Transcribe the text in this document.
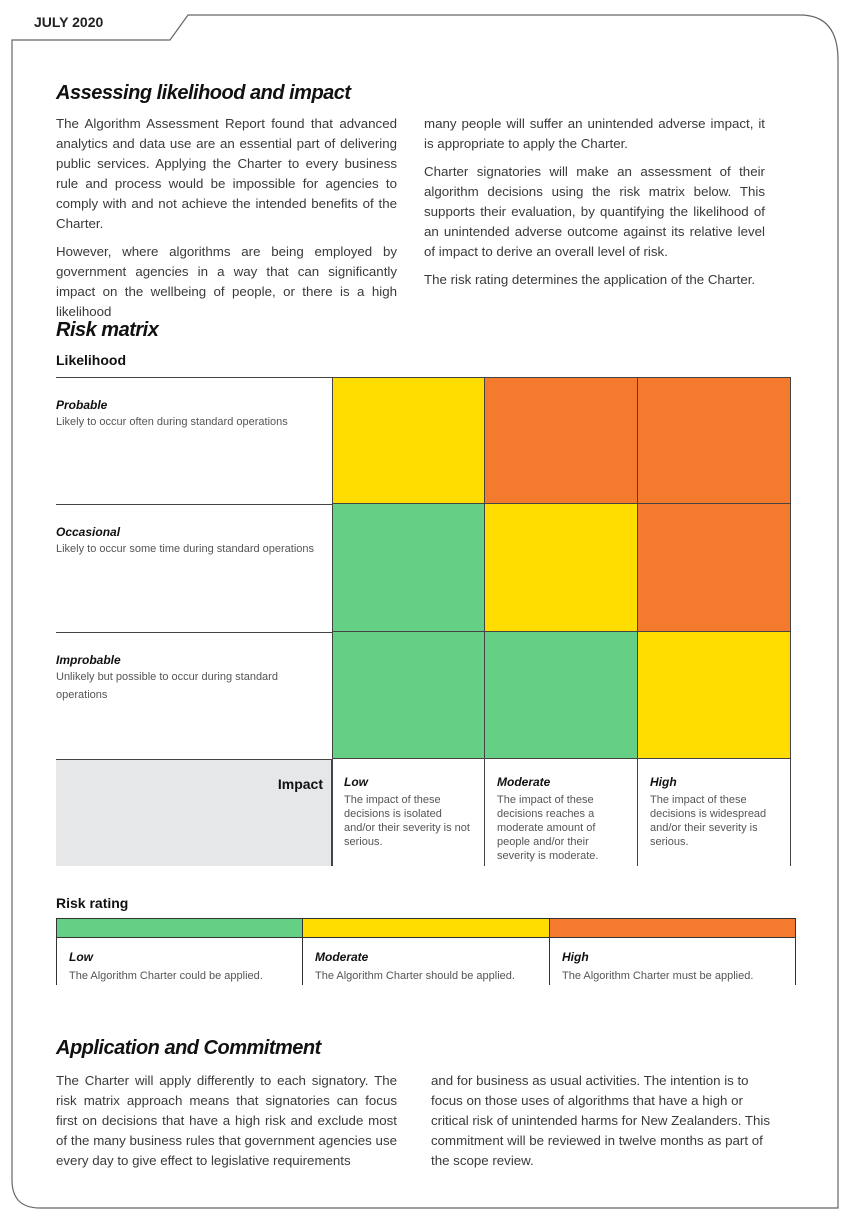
JULY 2020
Assessing likelihood and impact

The Algorithm Assessment Report found that advanced analytics and data use are an essential part of delivering public services. Applying the Charter to every business rule and process would be impossible for agencies to comply with and not achieve the intended benefits of the Charter.

However, where algorithms are being employed by government agencies in a way that can significantly impact on the wellbeing of people, or there is a high likelihood

many people will suffer an unintended adverse impact, it is appropriate to apply the Charter.

Charter signatories will make an assessment of their algorithm decisions using the risk matrix below. This supports their evaluation, by quantifying the likelihood of an unintended adverse outcome against its relative level of impact to derive an overall level of risk.

The risk rating determines the application of the Charter.

Risk matrix
Likelihood
Probable
Likely to occur often during standard operations
Occasional
Likely to occur some time during standard operations
Improbable
Unlikely but possible to occur during standard operations
Impact Low
The impact of these decisions is isolated and/or their severity is not serious.
Moderate
The impact of these decisions reaches a moderate amount of people and/or their severity is moderate.
High
The impact of these decisions is widespread and/or their severity is serious.
Risk rating
Low
The Algorithm Charter could be applied.
Moderate
The Algorithm Charter should be applied.
High
The Algorithm Charter must be applied.
Application and Commitment

The Charter will apply differently to each signatory. The risk matrix approach means that signatories can focus first on decisions that have a high risk and exclude most of the many business rules that government agencies use every day to give effect to legislative requirements

and for business as usual activities. The intention is to focus on those uses of algorithms that have a high or critical risk of unintended harms for New Zealanders. This commitment will be reviewed in twelve months as part of the scope review.
